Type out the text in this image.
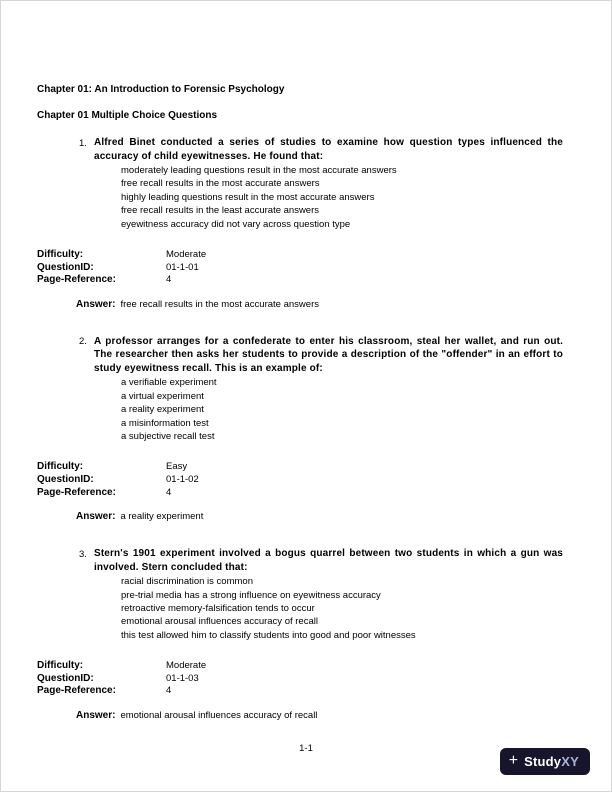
Chapter 01: An Introduction to Forensic Psychology
Chapter 01 Multiple Choice Questions
1. Alfred Binet conducted a series of studies to examine how question types influenced the accuracy of child eyewitnesses. He found that:
moderately leading questions result in the most accurate answers
free recall results in the most accurate answers
highly leading questions result in the most accurate answers
free recall results in the least accurate answers
eyewitness accuracy did not vary across question type
Difficulty:	Moderate
QuestionID:	01-1-01
Page-Reference:	4
Answer: free recall results in the most accurate answers
2. A professor arranges for a confederate to enter his classroom, steal her wallet, and run out. The researcher then asks her students to provide a description of the "offender" in an effort to study eyewitness recall. This is an example of:
a verifiable experiment
a virtual experiment
a reality experiment
a misinformation test
a subjective recall test
Difficulty:	Easy
QuestionID:	01-1-02
Page-Reference:	4
Answer: a reality experiment
3. Stern's 1901 experiment involved a bogus quarrel between two students in which a gun was involved. Stern concluded that:
racial discrimination is common
pre-trial media has a strong influence on eyewitness accuracy
retroactive memory-falsification tends to occur
emotional arousal influences accuracy of recall
this test allowed him to classify students into good and poor witnesses
Difficulty:	Moderate
QuestionID:	01-1-03
Page-Reference:	4
Answer: emotional arousal influences accuracy of recall
1-1
+ StudyXY
